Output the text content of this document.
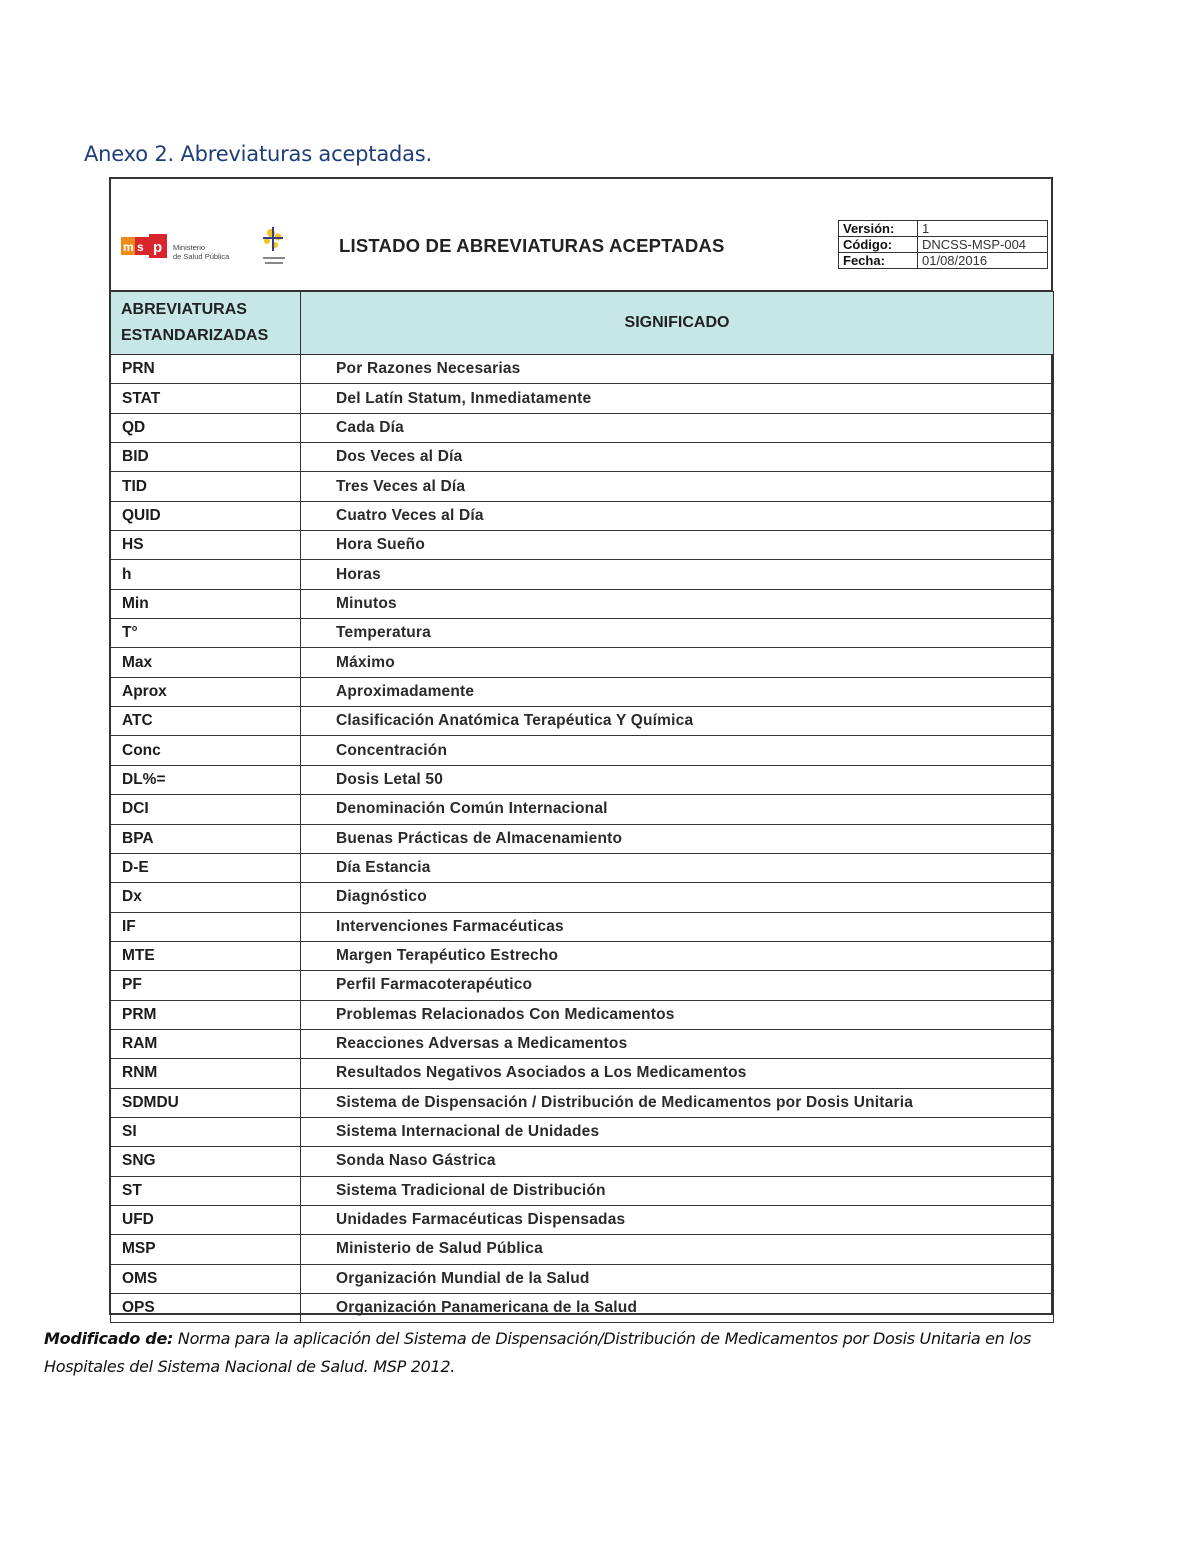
Anexo 2. Abreviaturas aceptadas.
m s p Ministerio
de Salud Pública
LISTADO DE ABREVIATURAS ACEPTADAS
Versión:	1
Código:	DNCSS-MSP-004
Fecha:	01/08/2016
ABREVIATURAS
ESTANDARIZADAS	SIGNIFICADO
PRN	Por Razones Necesarias
STAT	Del Latín Statum, Inmediatamente
QD	Cada Día
BID	Dos Veces al Día
TID	Tres Veces al Día
QUID	Cuatro Veces al Día
HS	Hora Sueño
h	Horas
Min	Minutos
T°	Temperatura
Max	Máximo
Aprox	Aproximadamente
ATC	Clasificación Anatómica Terapéutica Y Química
Conc	Concentración
DL%=	Dosis Letal 50
DCI	Denominación Común Internacional
BPA	Buenas Prácticas de Almacenamiento
D-E	Día Estancia
Dx	Diagnóstico
IF	Intervenciones Farmacéuticas
MTE	Margen Terapéutico Estrecho
PF	Perfil Farmacoterapéutico
PRM	Problemas Relacionados Con Medicamentos
RAM	Reacciones Adversas a Medicamentos
RNM	Resultados Negativos Asociados a Los Medicamentos
SDMDU	Sistema de Dispensación / Distribución de Medicamentos por Dosis Unitaria
SI	Sistema Internacional de Unidades
SNG	Sonda Naso Gástrica
ST	Sistema Tradicional de Distribución
UFD	Unidades Farmacéuticas Dispensadas
MSP	Ministerio de Salud Pública
OMS	Organización Mundial de la Salud
OPS	Organización Panamericana de la Salud
Modificado de: Norma para la aplicación del Sistema de Dispensación/Distribución de Medicamentos por Dosis Unitaria en los Hospitales del Sistema Nacional de Salud. MSP 2012.
